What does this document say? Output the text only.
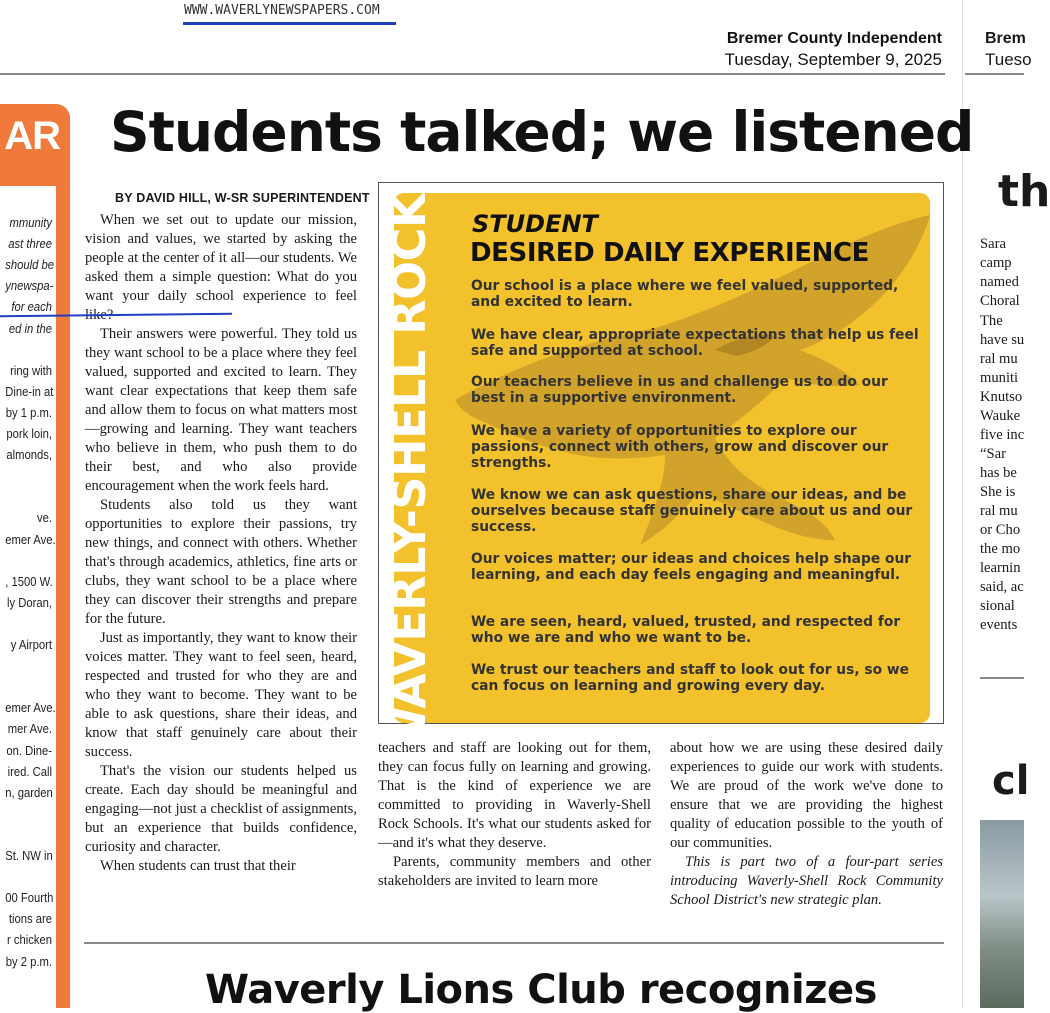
WWW.WAVERLYNEWSPAPERS.COM
Bremer County Independent
Tuesday, September 9, 2025
Brem
Tueso
AR
mmunity
ast three
should be
ynewspa-
for each
ed in the
ring with
Dine-in at
by 1 p.m.
pork loin,
almonds,
ve.
emer Ave.
, 1500 W.
ly Doran,
y Airport
emer Ave.
mer Ave.
on. Dine-
ired. Call
n, garden
St. NW in
00 Fourth
tions are
r chicken
by 2 p.m.
Students talked; we listened
BY DAVID HILL, W-SR SUPERINTENDENT

When we set out to update our mission, vision and values, we started by asking the people at the center of it all—our students. We asked them a simple question: What do you want your daily school experience to feel

Their answers were powerful. They told us they want school to be a place where they feel valued, supported and excited to learn. They want clear expectations that keep them safe and allow them to focus on what matters most—growing and learning. They want teachers who believe in them, who push them to do their best, and who also provide encouragement when the work feels hard.

Students also told us they want opportunities to explore their passions, try new things, and connect with others. Whether that's through academics, athletics, fine arts or clubs, they want school to be a place where they can discover their strengths and prepare for the future.

Just as importantly, they want to know their voices matter. They want to feel seen, heard, respected and trusted for who they are and who they want to become. They want to be able to ask questions, share their ideas, and know that staff genuinely care about their success.

That's the vision our students helped us create. Each day should be meaningful and engaging—not just a checklist of assignments, but an experience that builds confidence, curiosity and character.

When students can trust that their

WAVERLY-SHELL ROCK STUDENT
DESIRED DAILY EXPERIENCE
Our school is a place where we feel valued, supported, and excited to learn.
We have clear, appropriate expectations that help us feel safe and supported at school.
Our teachers believe in us and challenge us to do our best in a supportive environment.
We have a variety of opportunities to explore our passions, connect with others, grow and discover our strengths.
We know we can ask questions, share our ideas, and be ourselves because staff genuinely care about us and our success.
Our voices matter; our ideas and choices help shape our learning, and each day feels engaging and meaningful.
We are seen, heard, valued, trusted, and respected for who we are and who we want to be.
We trust our teachers and staff to look out for us, so we can focus on learning and growing every day.

teachers and staff are looking out for them, they can focus fully on learning and growing. That is the kind of experience we are committed to providing in Waverly-Shell Rock Schools. It's what our students asked for—and it's what they deserve.

Parents, community members and other stakeholders are invited to learn more

about how we are using these desired daily experiences to guide our work with students. We are proud of the work we've done to ensure that we are providing the highest quality of education possible to the youth of our communities.

This is part two of a four-part series introducing Waverly-Shell Rock Community School District's new strategic plan.

Waverly Lions Club recognizes
th
Sara
camp
named
Choral
The
have su
ral mu
muniti
Knutso
Wauke
five inc
“Sar
has be
She is
ral mu
or Cho
the mo
learnin
said, ac
sional
events
cl
